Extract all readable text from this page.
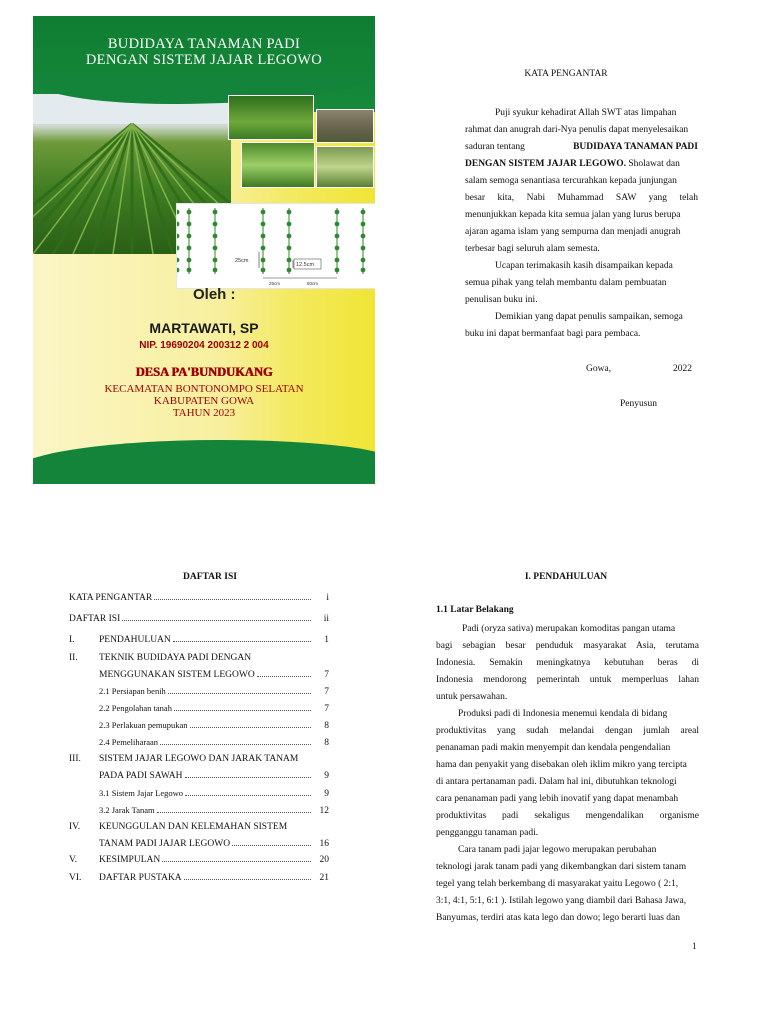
BUDIDAYA TANAMAN PADI
DENGAN SISTEM JAJAR LEGOWO
25cm
12.5cm
25cm	50cm
Oleh :
MARTAWATI, SP
NIP. 19690204 200312 2 004
DESA PA'BUNDUKANG
KECAMATAN BONTONOMPO SELATAN
KABUPATEN GOWA
TAHUN 2023
KATA PENGANTAR
Puji syukur kehadirat Allah SWT atas limpahan
rahmat dan anugrah dari-Nya penulis dapat menyelesaikan
saduran tentang	BUDIDAYA TANAMAN PADI
DENGAN SISTEM JAJAR LEGOWO. Sholawat dan
salam semoga senantiasa tercurahkan kepada junjungan
besar kita, Nabi Muhammad SAW yang telah
menunjukkan kepada kita semua jalan yang lurus berupa
ajaran agama islam yang sempurna dan menjadi anugrah
terbesar bagi seluruh alam semesta.
Ucapan terimakasih kasih disampaikan kepada
semua pihak yang telah membantu dalam pembuatan
penulisan buku ini.
Demikian yang dapat penulis sampaikan, semoga
buku ini dapat bermanfaat bagi para pembaca.
Gowa,	2022
Penyusun
DAFTAR ISI
KATA PENGANTAR	i
DAFTAR ISI	ii
I.	PENDAHULUAN	1
II.	TEKNIK BUDIDAYA PADI DENGAN
MENGGUNAKAN SISTEM LEGOWO	7
2.1 Persiapan benih	7
2.2 Pengolahan tanah	7
2.3 Perlakuan pemupukan	8
2.4 Pemeliharaan	8
III.	SISTEM JAJAR LEGOWO DAN JARAK TANAM
PADA PADI SAWAH	9
3.1 Sistem Jajar Legowo	9
3.2 Jarak Tanam	12
IV.	KEUNGGULAN DAN KELEMAHAN SISTEM
TANAM PADI JAJAR LEGOWO	16
V.	KESIMPULAN	20
VI.	DAFTAR PUSTAKA	21
I. PENDAHULUAN
1.1 Latar Belakang
Padi (oryza sativa) merupakan komoditas pangan utama
bagi sebagian besar penduduk masyarakat Asia, terutama
Indonesia. Semakin meningkatnya kebutuhan beras di
Indonesia mendorong pemerintah untuk memperluas lahan
untuk persawahan.
Produksi padi di Indonesia menemui kendala di bidang
produktivitas yang sudah melandai dengan jumlah areal
penanaman padi makin menyempit dan kendala pengendalian
hama dan penyakit yang disebakan oleh iklim mikro yang tercipta
di antara pertanaman padi. Dalam hal ini, dibutuhkan teknologi
cara penanaman padi yang lebih inovatif yang dapat menambah
produktivitas padi sekaligus mengendalikan organisme
pengganggu tanaman padi.
Cara tanam padi jajar legowo merupakan perubahan
teknologi jarak tanam padi yang dikembangkan dari sistem tanam
tegel yang telah berkembang di masyarakat yaitu Legowo ( 2:1,
3:1, 4:1, 5:1, 6:1 ). Istilah legowo yang diambil dari Bahasa Jawa,
Banyumas, terdiri atas kata lego dan dowo; lego berarti luas dan
1
